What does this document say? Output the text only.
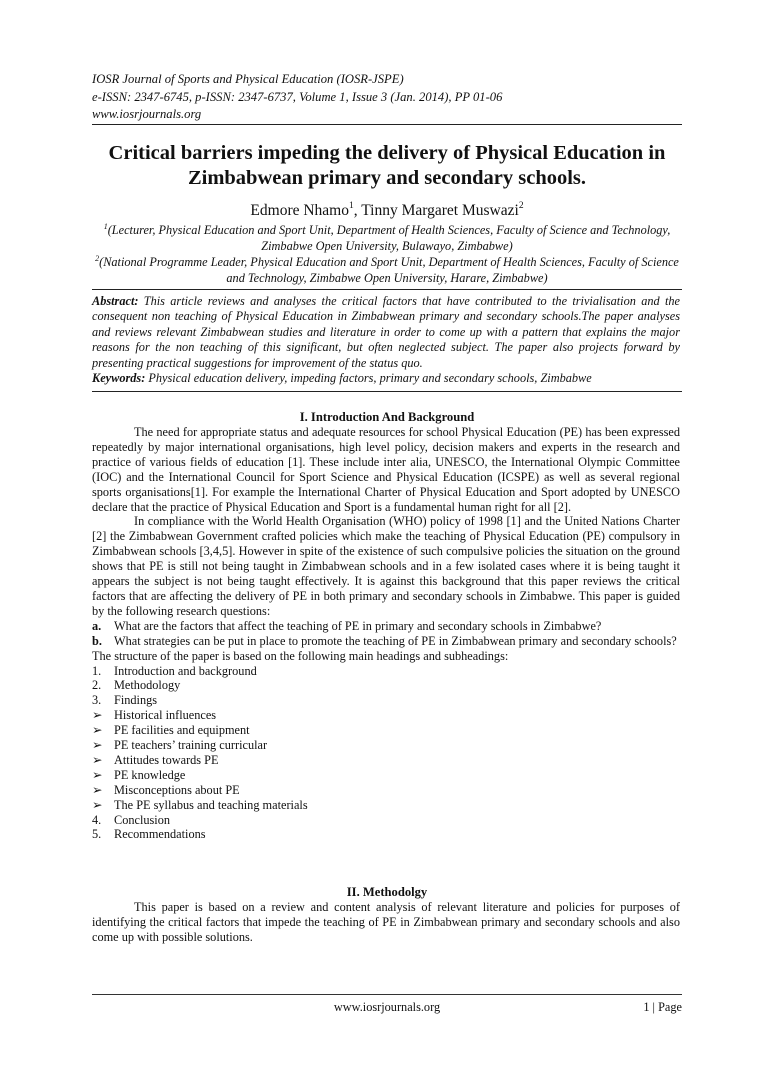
IOSR Journal of Sports and Physical Education (IOSR-JSPE)
e-ISSN: 2347-6745, p-ISSN: 2347-6737, Volume 1, Issue 3 (Jan. 2014), PP 01-06
www.iosrjournals.org
Critical barriers impeding the delivery of Physical Education in Zimbabwean primary and secondary schools.
Edmore Nhamo$^1$, Tinny Margaret Muswazi$^2$
$^1$(Lecturer, Physical Education and Sport Unit, Department of Health Sciences, Faculty of Science and Technology, Zimbabwe Open University, Bulawayo, Zimbabwe)
$^2$(National Programme Leader, Physical Education and Sport Unit, Department of Health Sciences, Faculty of Science and Technology, Zimbabwe Open University, Harare, Zimbabwe)
Abstract: This article reviews and analyses the critical factors that have contributed to the trivialisation and the consequent non teaching of Physical Education in Zimbabwean primary and secondary schools.The paper analyses and reviews relevant Zimbabwean studies and literature in order to come up with a pattern that explains the major reasons for the non teaching of this significant, but often neglected subject. The paper also projects forward by presenting practical suggestions for improvement of the status quo.
Keywords: Physical education delivery, impeding factors, primary and secondary schools, Zimbabwe
I. Introduction And Background

The need for appropriate status and adequate resources for school Physical Education (PE) has been expressed repeatedly by major international organisations, high level policy, decision makers and experts in the research and practice of various fields of education [1]. These include inter alia, UNESCO, the International Olympic Committee (IOC) and the International Council for Sport Science and Physical Education (ICSPE) as well as several regional sports organisations[1]. For example the International Charter of Physical Education and Sport adopted by UNESCO declare that the practice of Physical Education and Sport is a fundamental human right for all [2].

In compliance with the World Health Organisation (WHO) policy of 1998 [1] and the United Nations Charter [2] the Zimbabwean Government crafted policies which make the teaching of Physical Education (PE) compulsory in Zimbabwean schools [3,4,5]. However in spite of the existence of such compulsive policies the situation on the ground shows that PE is still not being taught in Zimbabwean schools and in a few isolated cases where it is being taught it appears the subject is not being taught effectively. It is against this background that this paper reviews the critical factors that are affecting the delivery of PE in both primary and secondary schools in Zimbabwe. This paper is guided by the following research questions:

a. What are the factors that affect the teaching of PE in primary and secondary schools in Zimbabwe?
b. What strategies can be put in place to promote the teaching of PE in Zimbabwean primary and secondary schools?

The structure of the paper is based on the following main headings and subheadings:

1. Introduction and background
2. Methodology
3. Findings
➢ Historical influences
➢ PE facilities and equipment
➢ PE teachers’ training curricular
➢ Attitudes towards PE
➢ PE knowledge
➢ Misconceptions about PE
➢ The PE syllabus and teaching materials
4. Conclusion
5. Recommendations
II. Methodolgy

This paper is based on a review and content analysis of relevant literature and policies for purposes of identifying the critical factors that impede the teaching of PE in Zimbabwean primary and secondary schools and also come up with possible solutions.

www.iosrjournals.org	1 | Page
